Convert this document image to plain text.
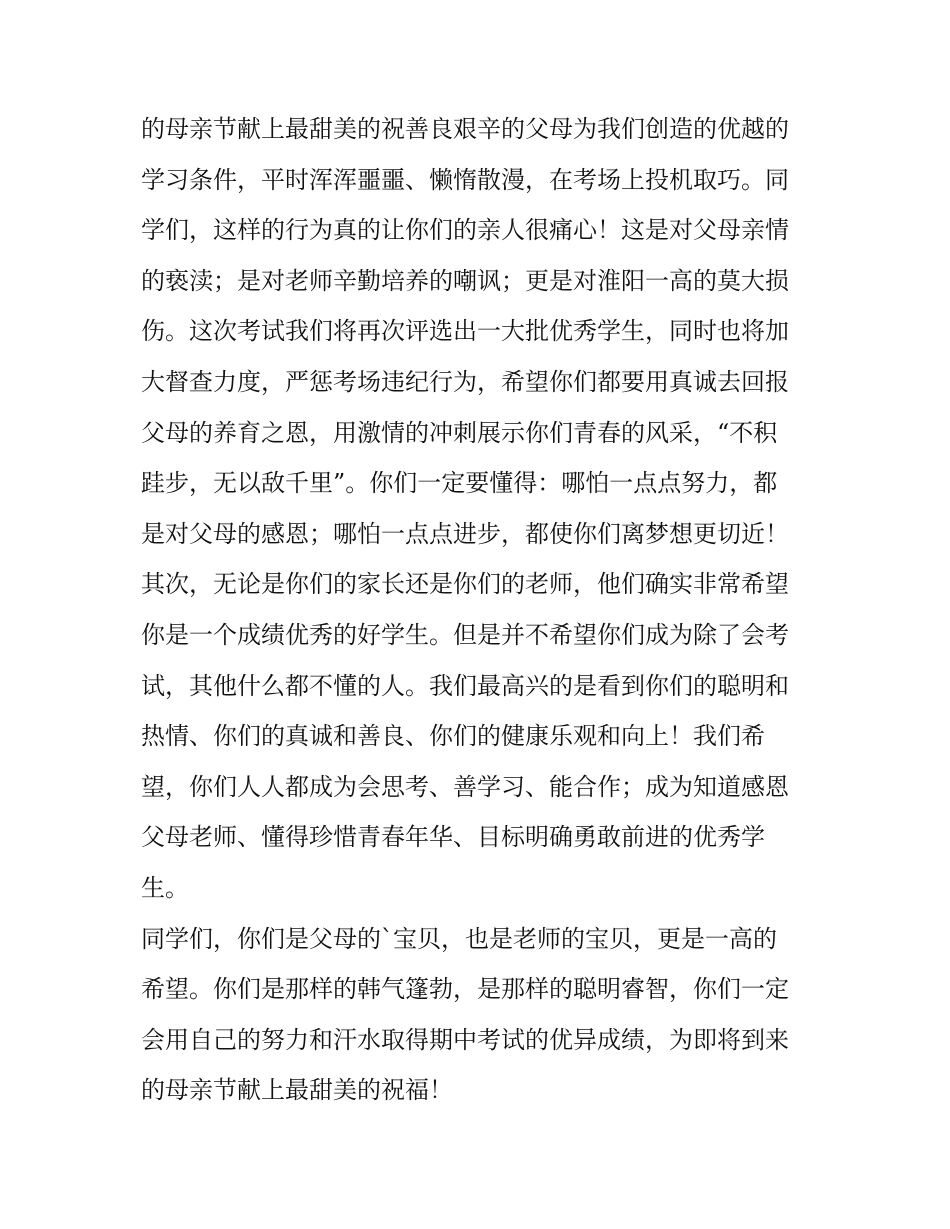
的母亲节献上最甜美的祝善良艰辛的父母为我们创造的优越的
学习条件，平时浑浑噩噩、懒惰散漫，在考场上投机取巧。同
学们，这样的行为真的让你们的亲人很痛心！这是对父母亲情
的亵渎；是对老师辛勤培养的嘲讽；更是对淮阳一高的莫大损
伤。这次考试我们将再次评选出一大批优秀学生，同时也将加
大督查力度，严惩考场违纪行为，希望你们都要用真诚去回报
父母的养育之恩，用激情的冲刺展示你们青春的风采，“不积
跬步，无以敌千里”。你们一定要懂得：哪怕一点点努力，都
是对父母的感恩；哪怕一点点进步，都使你们离梦想更切近！
其次，无论是你们的家长还是你们的老师，他们确实非常希望
你是一个成绩优秀的好学生。但是并不希望你们成为除了会考
试，其他什么都不懂的人。我们最高兴的是看到你们的聪明和
热情、你们的真诚和善良、你们的健康乐观和向上！我们希
望，你们人人都成为会思考、善学习、能合作；成为知道感恩
父母老师、懂得珍惜青春年华、目标明确勇敢前进的优秀学
生。
同学们，你们是父母的`宝贝，也是老师的宝贝，更是一高的
希望。你们是那样的韩气篷勃，是那样的聪明睿智，你们一定
会用自己的努力和汗水取得期中考试的优异成绩，为即将到来
的母亲节献上最甜美的祝福！
